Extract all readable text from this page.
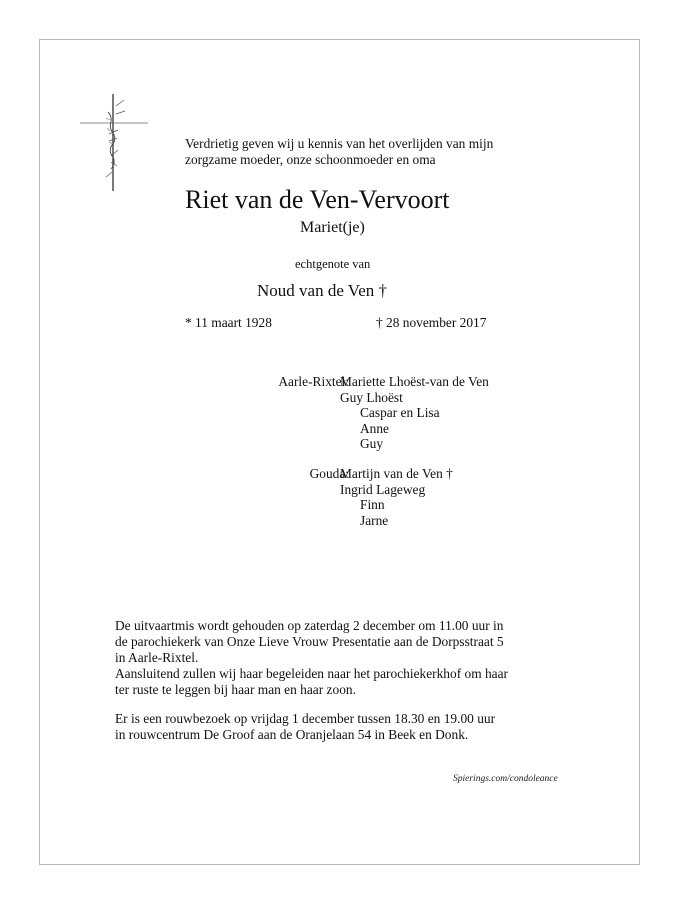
Verdrietig geven wij u kennis van het overlijden van mijn
zorgzame moeder, onze schoonmoeder en oma
Riet van de Ven-Vervoort
Mariet(je)
echtgenote van
Noud van de Ven †
* 11 maart 1928	† 28 november 2017
Aarle-Rixtel:
Mariette Lhoëst-van de Ven
Guy Lhoëst
Caspar en Lisa
Anne
Guy
Gouda:
Martijn van de Ven †
Ingrid Lageweg
Finn
Jarne
De uitvaartmis wordt gehouden op zaterdag 2 december om 11.00 uur in
de parochiekerk van Onze Lieve Vrouw Presentatie aan de Dorpsstraat 5
in Aarle-Rixtel.
Aansluitend zullen wij haar begeleiden naar het parochiekerkhof om haar
ter ruste te leggen bij haar man en haar zoon.
Er is een rouwbezoek op vrijdag 1 december tussen 18.30 en 19.00 uur
in rouwcentrum De Groof aan de Oranjelaan 54 in Beek en Donk.
Spierings.com/condoleance
